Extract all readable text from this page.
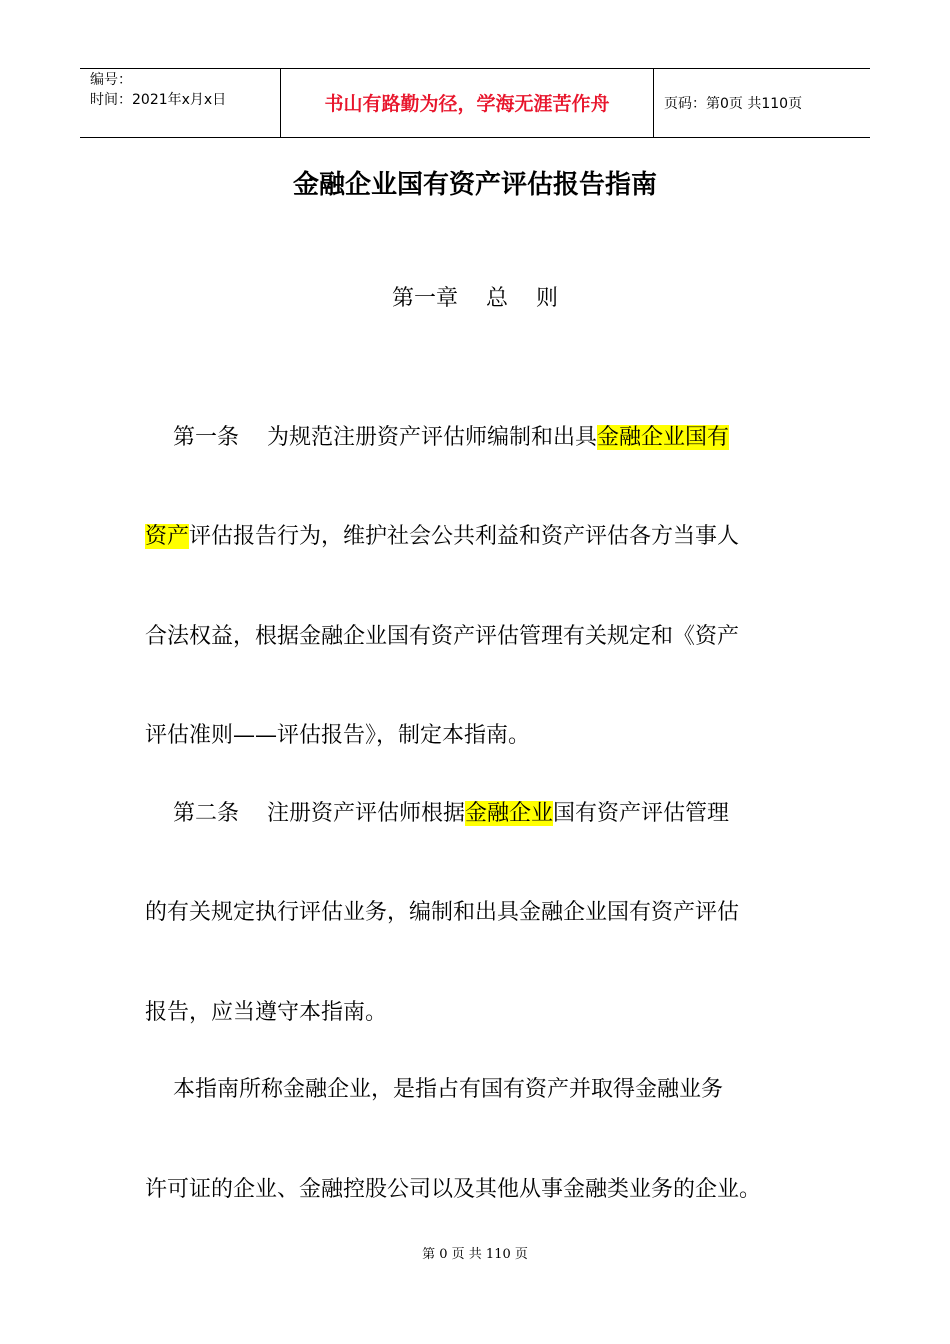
编号：
时间：2021年x月x日	书山有路勤为径，学海无涯苦作舟	页码：第0页 共110页
金融企业国有资产评估报告指南
第一章    总    则
第一条    为规范注册资产评估师编制和出具金融企业国有
资产评估报告行为，维护社会公共利益和资产评估各方当事人
合法权益，根据金融企业国有资产评估管理有关规定和《资产
评估准则——评估报告》，制定本指南。
第二条    注册资产评估师根据金融企业国有资产评估管理
的有关规定执行评估业务，编制和出具金融企业国有资产评估
报告，应当遵守本指南。
本指南所称金融企业，是指占有国有资产并取得金融业务
许可证的企业、金融控股公司以及其他从事金融类业务的企业。
第 0 页 共 110 页
